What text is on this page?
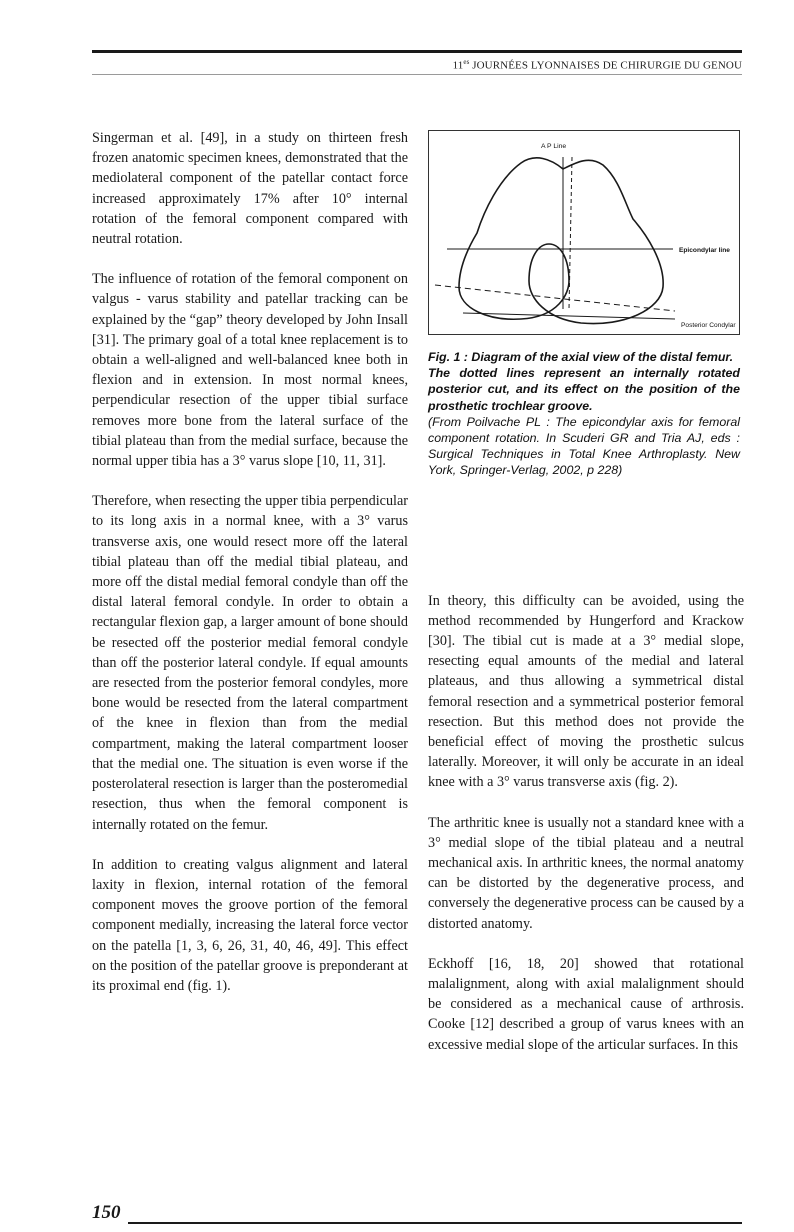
$11^{es}$ JOURNÉES LYONNAISES DE CHIRURGIE DU GENOU

Singerman et al. [49], in a study on thirteen fresh frozen anatomic specimen knees, demonstrated that the mediolateral component of the patellar contact force increased approximately 17% after 10° internal rotation of the femoral component compared with neutral rotation.

The influence of rotation of the femoral component on valgus - varus stability and patellar tracking can be explained by the “gap” theory developed by John Insall [31]. The primary goal of a total knee replacement is to obtain a well-aligned and well-balanced knee both in flexion and in extension. In most normal knees, perpendicular resection of the upper tibial surface removes more bone from the lateral surface of the tibial plateau than from the medial surface, because the normal upper tibia has a 3° varus slope [10, 11, 31].

Therefore, when resecting the upper tibia perpendicular to its long axis in a normal knee, with a 3° varus transverse axis, one would resect more off the lateral tibial plateau than off the medial tibial plateau, and more off the distal medial femoral condyle than off the distal lateral femoral condyle. In order to obtain a rectangular flexion gap, a larger amount of bone should be resected off the posterior medial femoral condyle than off the posterior lateral condyle. If equal amounts are resected from the posterior femoral condyles, more bone would be resected from the lateral compartment of the knee in flexion than from the medial compartment, making the lateral compartment looser that the medial one. The situation is even worse if the posterolateral resection is larger than the posteromedial resection, thus when the femoral component is internally rotated on the femur.

In addition to creating valgus alignment and lateral laxity in flexion, internal rotation of the femoral component moves the groove portion of the femoral component medially, increasing the lateral force vector on the patella [1, 3, 6, 26, 31, 40, 46, 49]. This effect on the position of the patellar groove is preponderant at its proximal end (fig. 1).

A P Line
Epicondylar line
Posterior Condylar

Fig. 1 : Diagram of the axial view of the distal femur.

The dotted lines represent an internally rotated posterior cut, and its effect on the position of the prosthetic trochlear groove.

(From Poilvache PL : The epicondylar axis for femoral component rotation. In Scuderi GR and Tria AJ, eds : Surgical Techniques in Total Knee Arthroplasty. New York, Springer-Verlag, 2002, p 228)

In theory, this difficulty can be avoided, using the method recommended by Hungerford and Krackow [30]. The tibial cut is made at a 3° medial slope, resecting equal amounts of the medial and lateral plateaus, and thus allowing a symmetrical distal femoral resection and a symmetrical posterior femoral resection. But this method does not provide the beneficial effect of moving the prosthetic sulcus laterally. Moreover, it will only be accurate in an ideal knee with a 3° varus transverse axis (fig. 2).

The arthritic knee is usually not a standard knee with a 3° medial slope of the tibial plateau and a neutral mechanical axis. In arthritic knees, the normal anatomy can be distorted by the degenerative process, and conversely the degenerative process can be caused by a distorted anatomy.

Eckhoff [16, 18, 20] showed that rotational malalignment, along with axial malalignment should be considered as a mechanical cause of arthrosis. Cooke [12] described a group of varus knees with an excessive medial slope of the articular surfaces. In this

150
